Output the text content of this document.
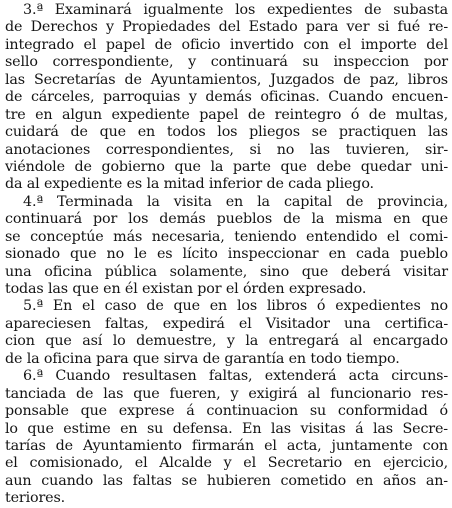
3.ª Examinará igualmente los expedientes de subasta
de Derechos y Propiedades del Estado para ver si fué re-
integrado el papel de oficio invertido con el importe del
sello correspondiente, y continuará su inspeccion por
las Secretarías de Ayuntamientos, Juzgados de paz, libros
de cárceles, parroquias y demás oficinas. Cuando encuen-
tre en algun expediente papel de reintegro ó de multas,
cuidará de que en todos los pliegos se practiquen las
anotaciones correspondientes, si no las tuvieren, sir-
viéndole de gobierno que la parte que debe quedar uni-
da al expediente es la mitad inferior de cada pliego.
4.ª Terminada la visita en la capital de provincia,
continuará por los demás pueblos de la misma en que
se conceptúe más necesaria, teniendo entendido el comi-
sionado que no le es lícito inspeccionar en cada pueblo
una oficina pública solamente, sino que deberá visitar
todas las que en él existan por el órden expresado.
5.ª En el caso de que en los libros ó expedientes no
apareciesen faltas, expedirá el Visitador una certifica-
cion que así lo demuestre, y la entregará al encargado
de la oficina para que sirva de garantía en todo tiempo.
6.ª Cuando resultasen faltas, extenderá acta circuns-
tanciada de las que fueren, y exigirá al funcionario res-
ponsable que exprese á continuacion su conformidad ó
lo que estime en su defensa. En las visitas á las Secre-
tarías de Ayuntamiento firmarán el acta, juntamente con
el comisionado, el Alcalde y el Secretario en ejercicio,
aun cuando las faltas se hubieren cometido en años an-
teriores.
